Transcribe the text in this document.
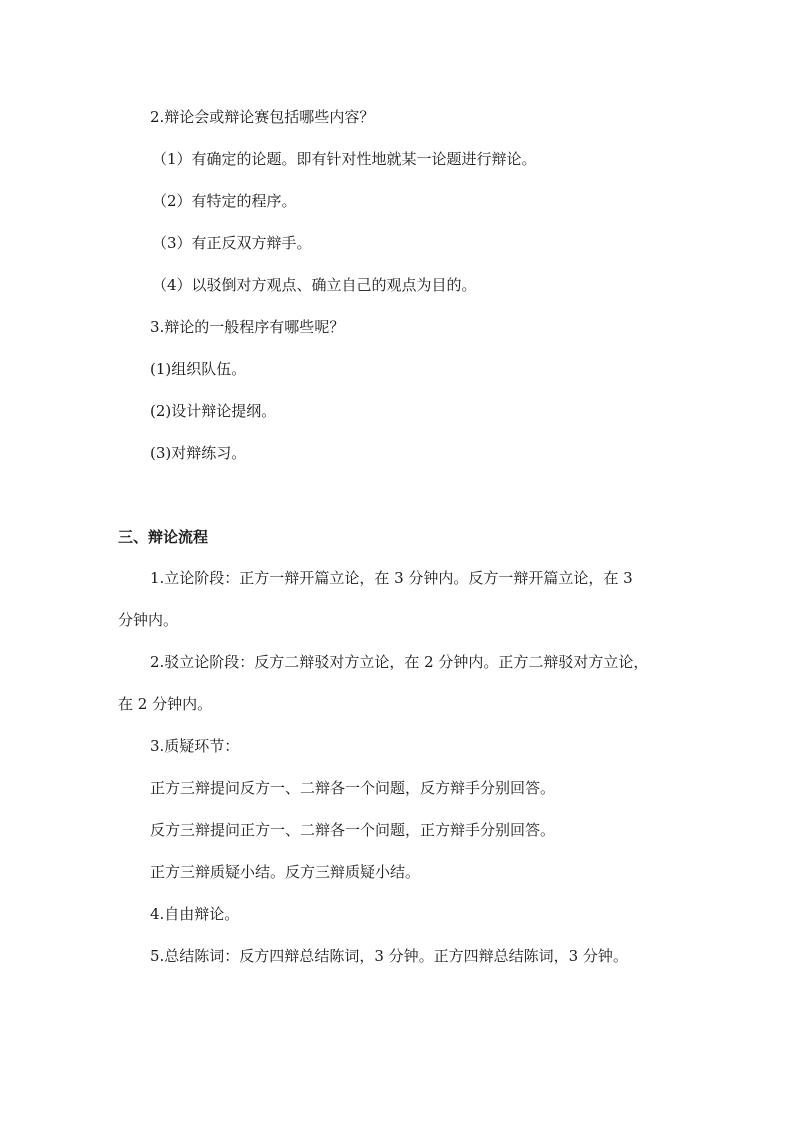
2.辩论会或辩论赛包括哪些内容？
（1）有确定的论题。即有针对性地就某一论题进行辩论。
（2）有特定的程序。
（3）有正反双方辩手。
（4）以驳倒对方观点、确立自己的观点为目的。
3.辩论的一般程序有哪些呢？
(1)组织队伍。
(2)设计辩论提纲。
(3)对辩练习。
三、辩论流程
1.立论阶段：正方一辩开篇立论，在 3 分钟内。反方一辩开篇立论，在 3
分钟内。
2.驳立论阶段：反方二辩驳对方立论，在 2 分钟内。正方二辩驳对方立论，
在 2 分钟内。
3.质疑环节：
正方三辩提问反方一、二辩各一个问题，反方辩手分别回答。
反方三辩提问正方一、二辩各一个问题，正方辩手分别回答。
正方三辩质疑小结。反方三辩质疑小结。
4.自由辩论。
5.总结陈词：反方四辩总结陈词，3 分钟。正方四辩总结陈词，3 分钟。
